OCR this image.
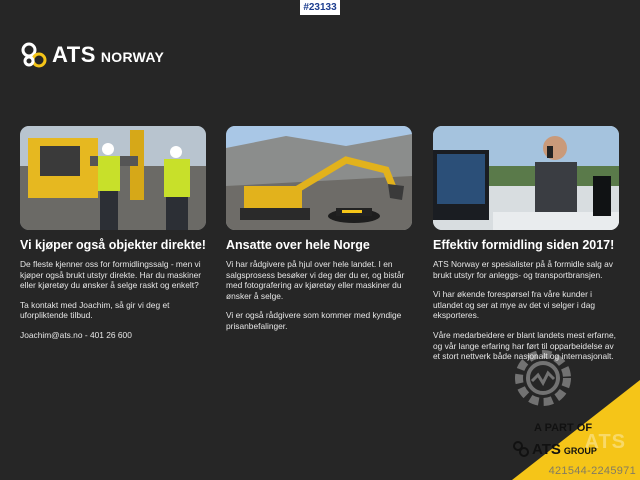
#23133
ATS NORWAY
Vi kjøper også objekter direkte!

De fleste kjenner oss for formidlingssalg - men vi kjøper også brukt utstyr direkte. Har du maskiner eller kjøretøy du ønsker å selge raskt og enkelt?

Ta kontakt med Joachim, så gir vi deg et uforpliktende tilbud.

Joachim@ats.no - 401 26 600

Ansatte over hele Norge

Vi har rådgivere på hjul over hele landet. I en salgsprosess besøker vi deg der du er, og bistår med fotografering av kjøretøy eller maskiner du ønsker å selge.

Vi er også rådgivere som kommer med kyndige prisanbefalinger.

Effektiv formidling siden 2017!

ATS Norway er spesialister på å formidle salg av brukt utstyr for anleggs- og transportbransjen.

Vi har økende forespørsel fra våre kunder i utlandet og ser at mye av det vi selger i dag eksporteres.

Våre medarbeidere er blant landets mest erfarne, og vår lange erfaring har ført til opparbeidelse av et stort nettverk både nasjonalt og internasjonalt.

A PART OF
ATS GROUP
ATS
421544-2245971
